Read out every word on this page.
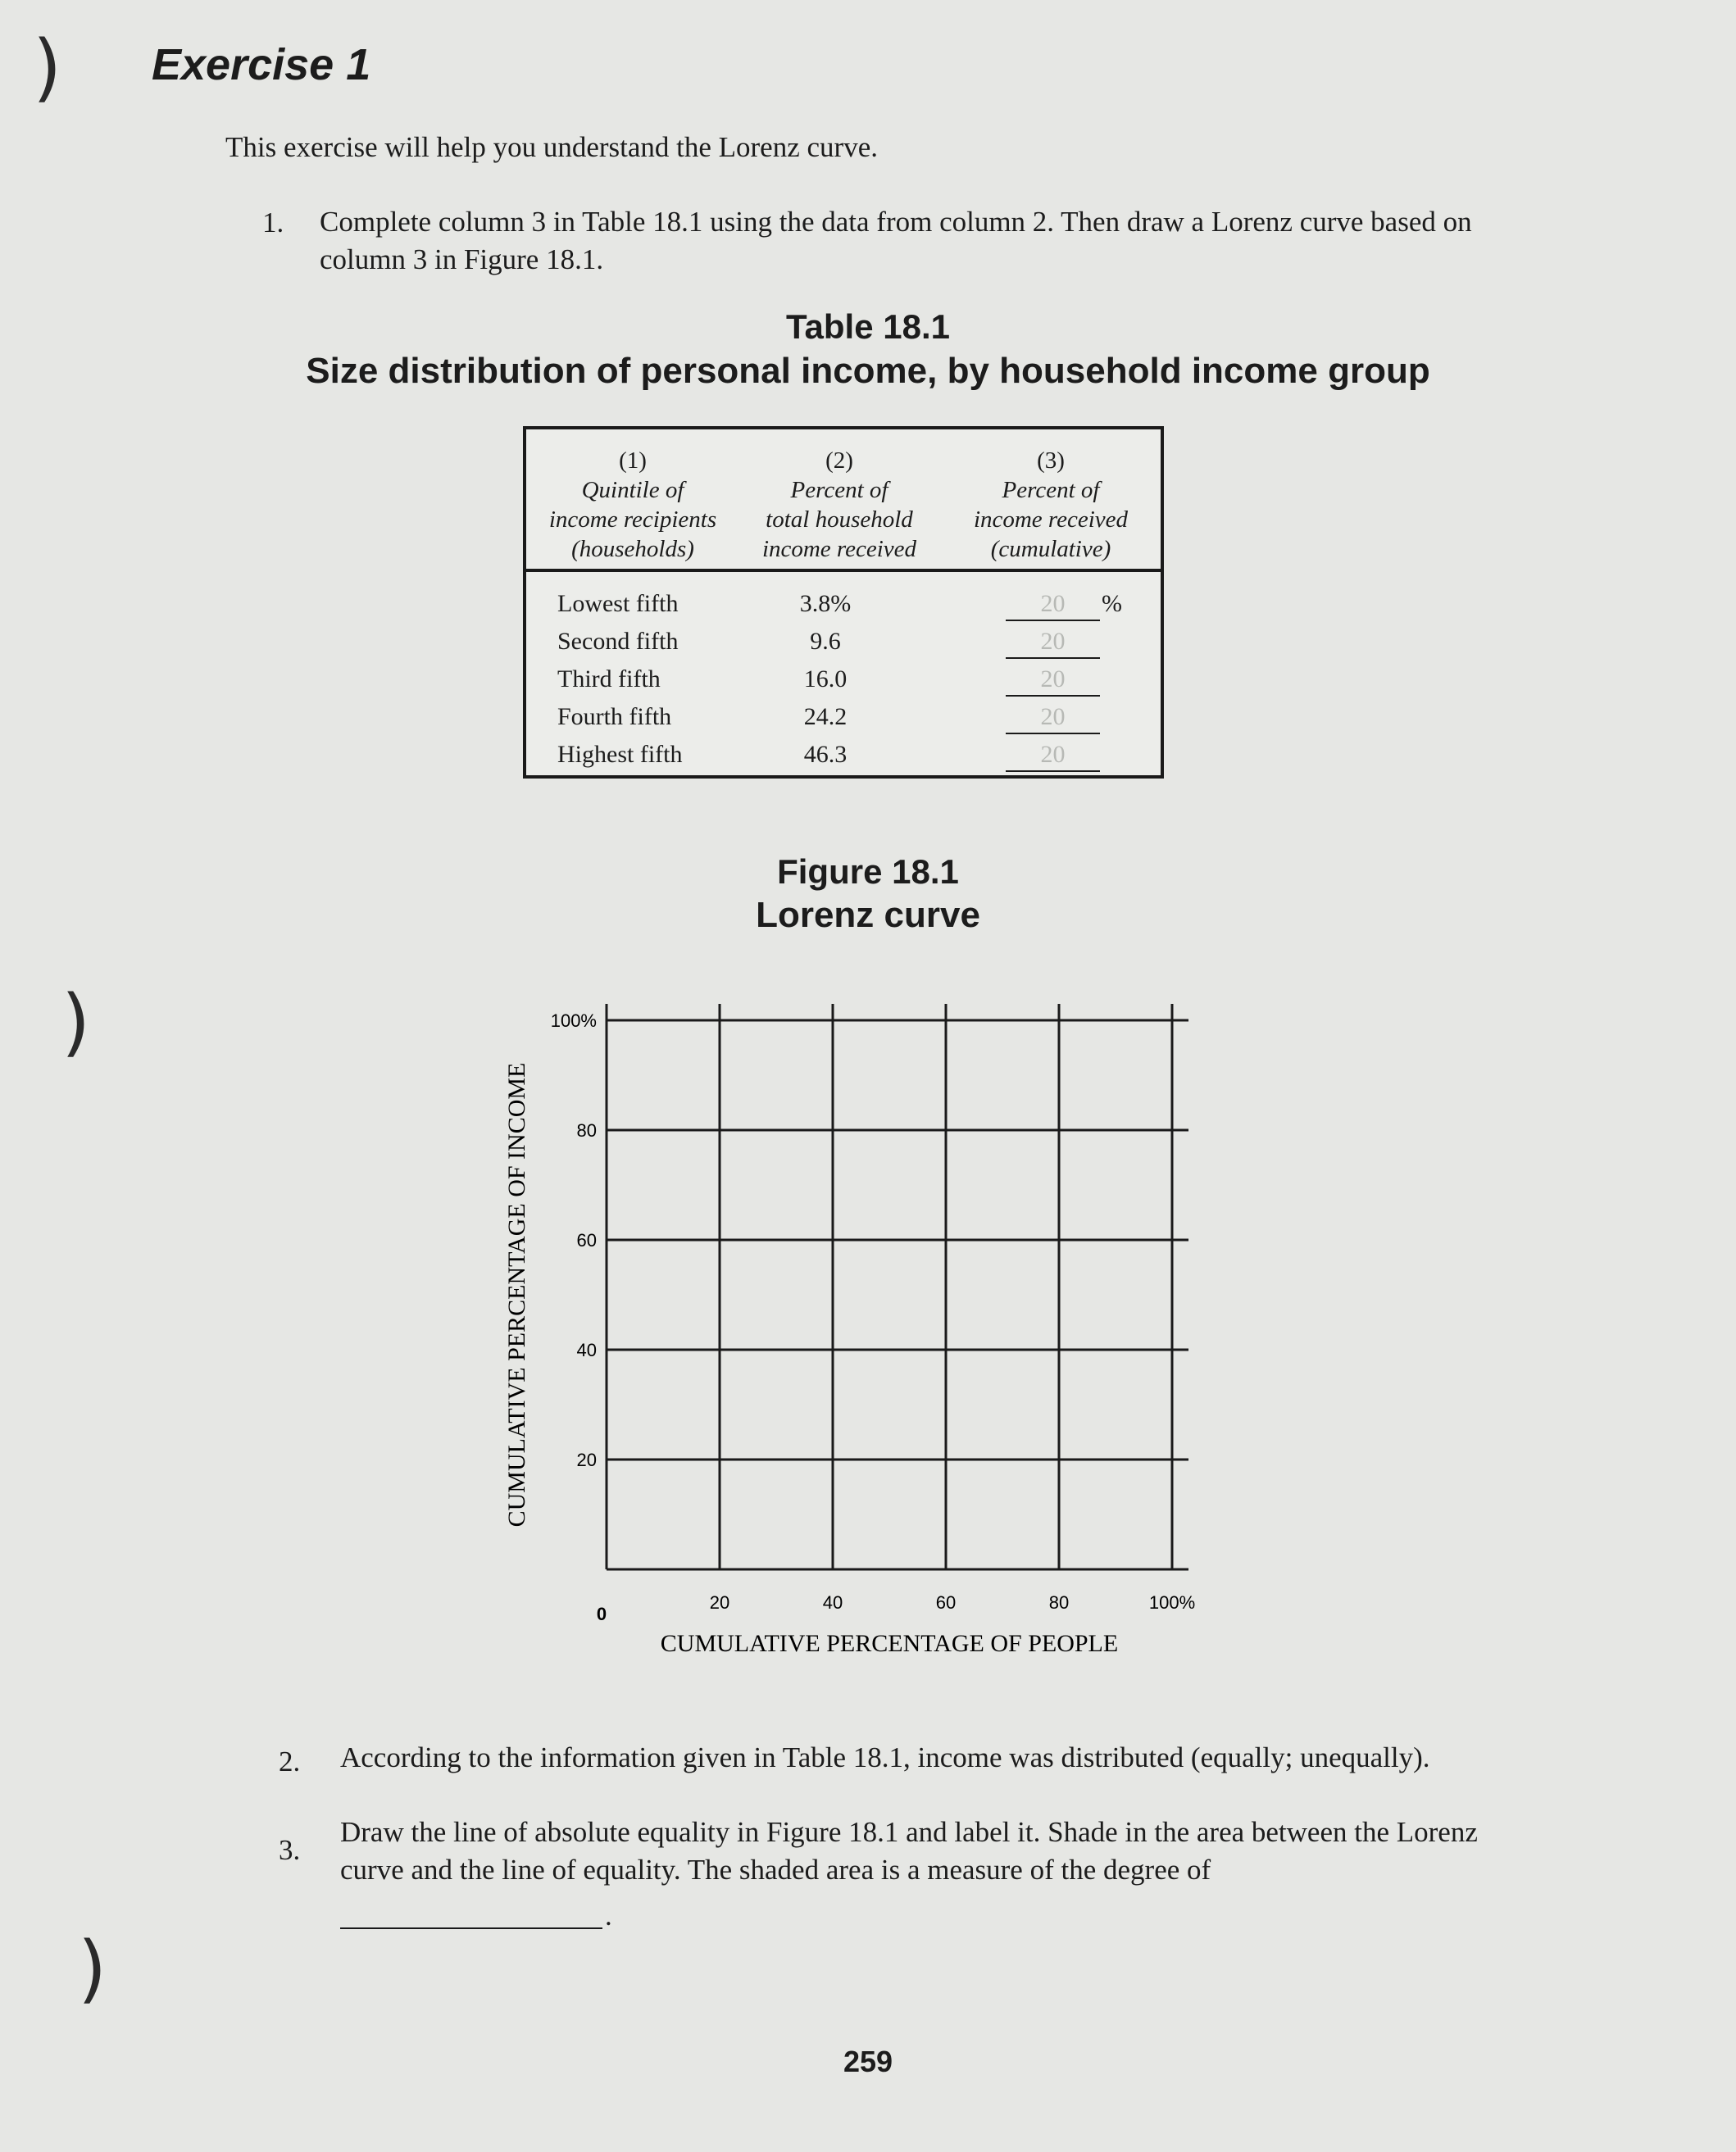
)
)
)
Exercise 1
This exercise will help you understand the Lorenz curve.
1. Complete column 3 in Table 18.1 using the data from column 2. Then draw a Lorenz curve based on column 3 in Figure 18.1.
Table 18.1
Size distribution of personal income, by household income group
(1)
Quintile of
income recipients
(households)
(2)
Percent of
total household
income received
(3)
Percent of
income received
(cumulative)
Lowest fifth	3.8%	20	%
Second fifth	9.6	20
Third fifth	16.0	20
Fourth fifth	24.2	20
Highest fifth	46.3	20
Figure 18.1
Lorenz curve
20	40	60	80	100%
20
40
60
80
100%
0
CUMULATIVE PERCENTAGE OF PEOPLE
CUMULATIVE PERCENTAGE OF INCOME
2. According to the information given in Table 18.1, income was distributed (equally; unequally).
3.
Draw the line of absolute equality in Figure 18.1 and label it. Shade in the area between the Lorenz curve and the line of equality. The shaded area is a measure of the degree of
.
259
